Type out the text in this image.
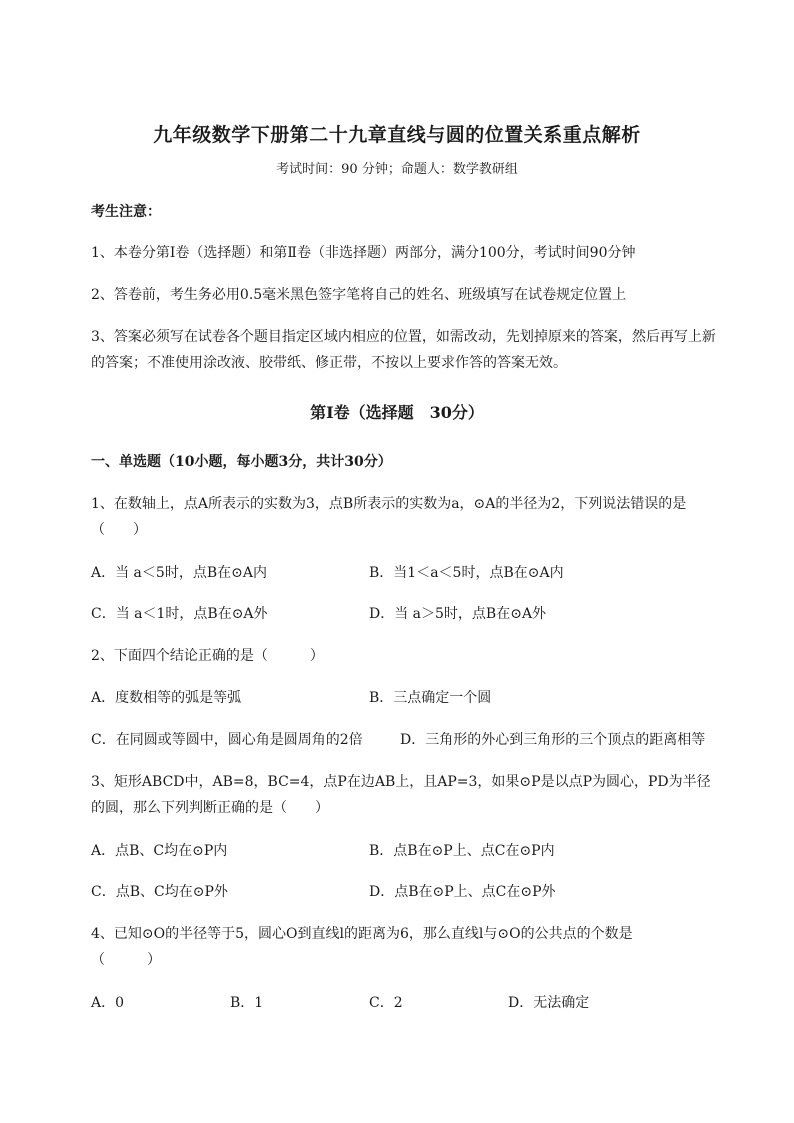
九年级数学下册第二十九章直线与圆的位置关系重点解析
考试时间：90 分钟；命题人：数学教研组
考生注意：
1、本卷分第I卷（选择题）和第Ⅱ卷（非选择题）两部分，满分100分，考试时间90分钟
2、答卷前，考生务必用0.5毫米黑色签字笔将自己的姓名、班级填写在试卷规定位置上
3、答案必须写在试卷各个题目指定区域内相应的位置，如需改动，先划掉原来的答案，然后再写上新
的答案；不准使用涂改液、胶带纸、修正带，不按以上要求作答的答案无效。
第I卷（选择题　30分）
一、单选题（10小题，每小题3分，共计30分）
1、在数轴上，点A所表示的实数为3，点B所表示的实数为a，⊙A的半径为2，下列说法错误的是
（　　）
A．当 a＜5时，点B在⊙A内	B．当1＜a＜5时，点B在⊙A内
C．当 a＜1时，点B在⊙A外	D．当 a＞5时，点B在⊙A外
2、下面四个结论正确的是（　　　）
A．度数相等的弧是等弧	B．三点确定一个圆
C．在同圆或等圆中，圆心角是圆周角的2倍	D．三角形的外心到三角形的三个顶点的距离相等
3、矩形ABCD中，AB=8，BC=4，点P在边AB上，且AP=3，如果⊙P是以点P为圆心，PD为半径
的圆，那么下列判断正确的是（　　）
A．点B、C均在⊙P内	B．点B在⊙P上、点C在⊙P内
C．点B、C均在⊙P外	D．点B在⊙P上、点C在⊙P外
4、已知⊙O的半径等于5，圆心O到直线l的距离为6，那么直线l与⊙O的公共点的个数是
（　　　）
A．0	B．1	C．2	D．无法确定
